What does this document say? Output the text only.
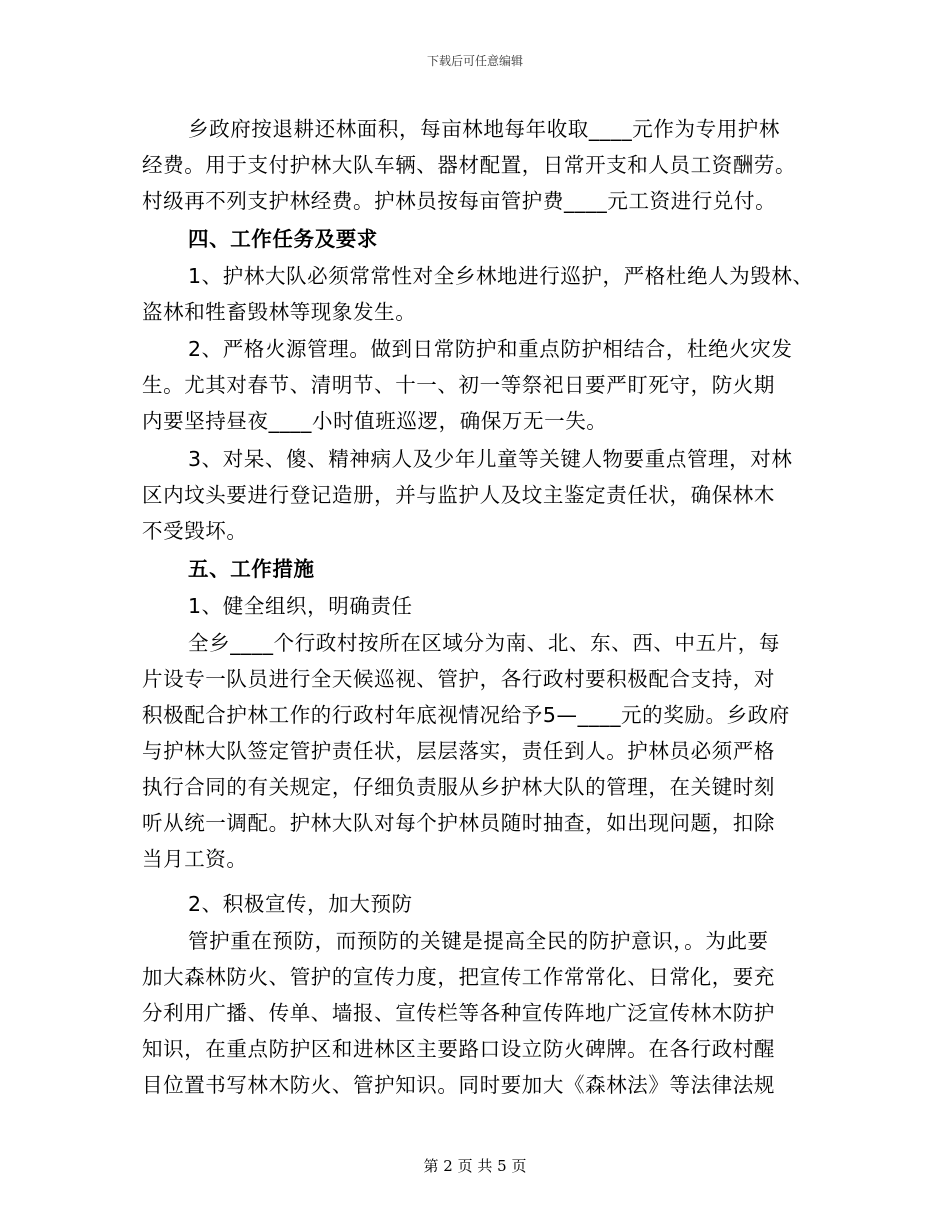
下载后可任意编辑
乡政府按退耕还林面积，每亩林地每年收取____元作为专用护林
经费。用于支付护林大队车辆、器材配置，日常开支和人员工资酬劳。
村级再不列支护林经费。护林员按每亩管护费____元工资进行兑付。
四、工作任务及要求
1、护林大队必须常常性对全乡林地进行巡护，严格杜绝人为毁林、
盗林和牲畜毁林等现象发生。
2、严格火源管理。做到日常防护和重点防护相结合，杜绝火灾发
生。尤其对春节、清明节、十一、初一等祭祀日要严盯死守，防火期
内要坚持昼夜____小时值班巡逻，确保万无一失。
3、对呆、傻、精神病人及少年儿童等关键人物要重点管理，对林
区内坟头要进行登记造册，并与监护人及坟主鉴定责任状，确保林木
不受毁坏。
五、工作措施
1、健全组织，明确责任
全乡____个行政村按所在区域分为南、北、东、西、中五片，每
片设专一队员进行全天候巡视、管护，各行政村要积极配合支持，对
积极配合护林工作的行政村年底视情况给予5—____元的奖励。乡政府
与护林大队签定管护责任状，层层落实，责任到人。护林员必须严格
执行合同的有关规定，仔细负责服从乡护林大队的管理，在关键时刻
听从统一调配。护林大队对每个护林员随时抽查，如出现问题，扣除
当月工资。
2、积极宣传，加大预防
管护重在预防，而预防的关键是提高全民的防护意识，。为此要
加大森林防火、管护的宣传力度，把宣传工作常常化、日常化，要充
分利用广播、传单、墙报、宣传栏等各种宣传阵地广泛宣传林木防护
知识，在重点防护区和进林区主要路口设立防火碑牌。在各行政村醒
目位置书写林木防火、管护知识。同时要加大《森林法》等法律法规
第 2 页 共 5 页
